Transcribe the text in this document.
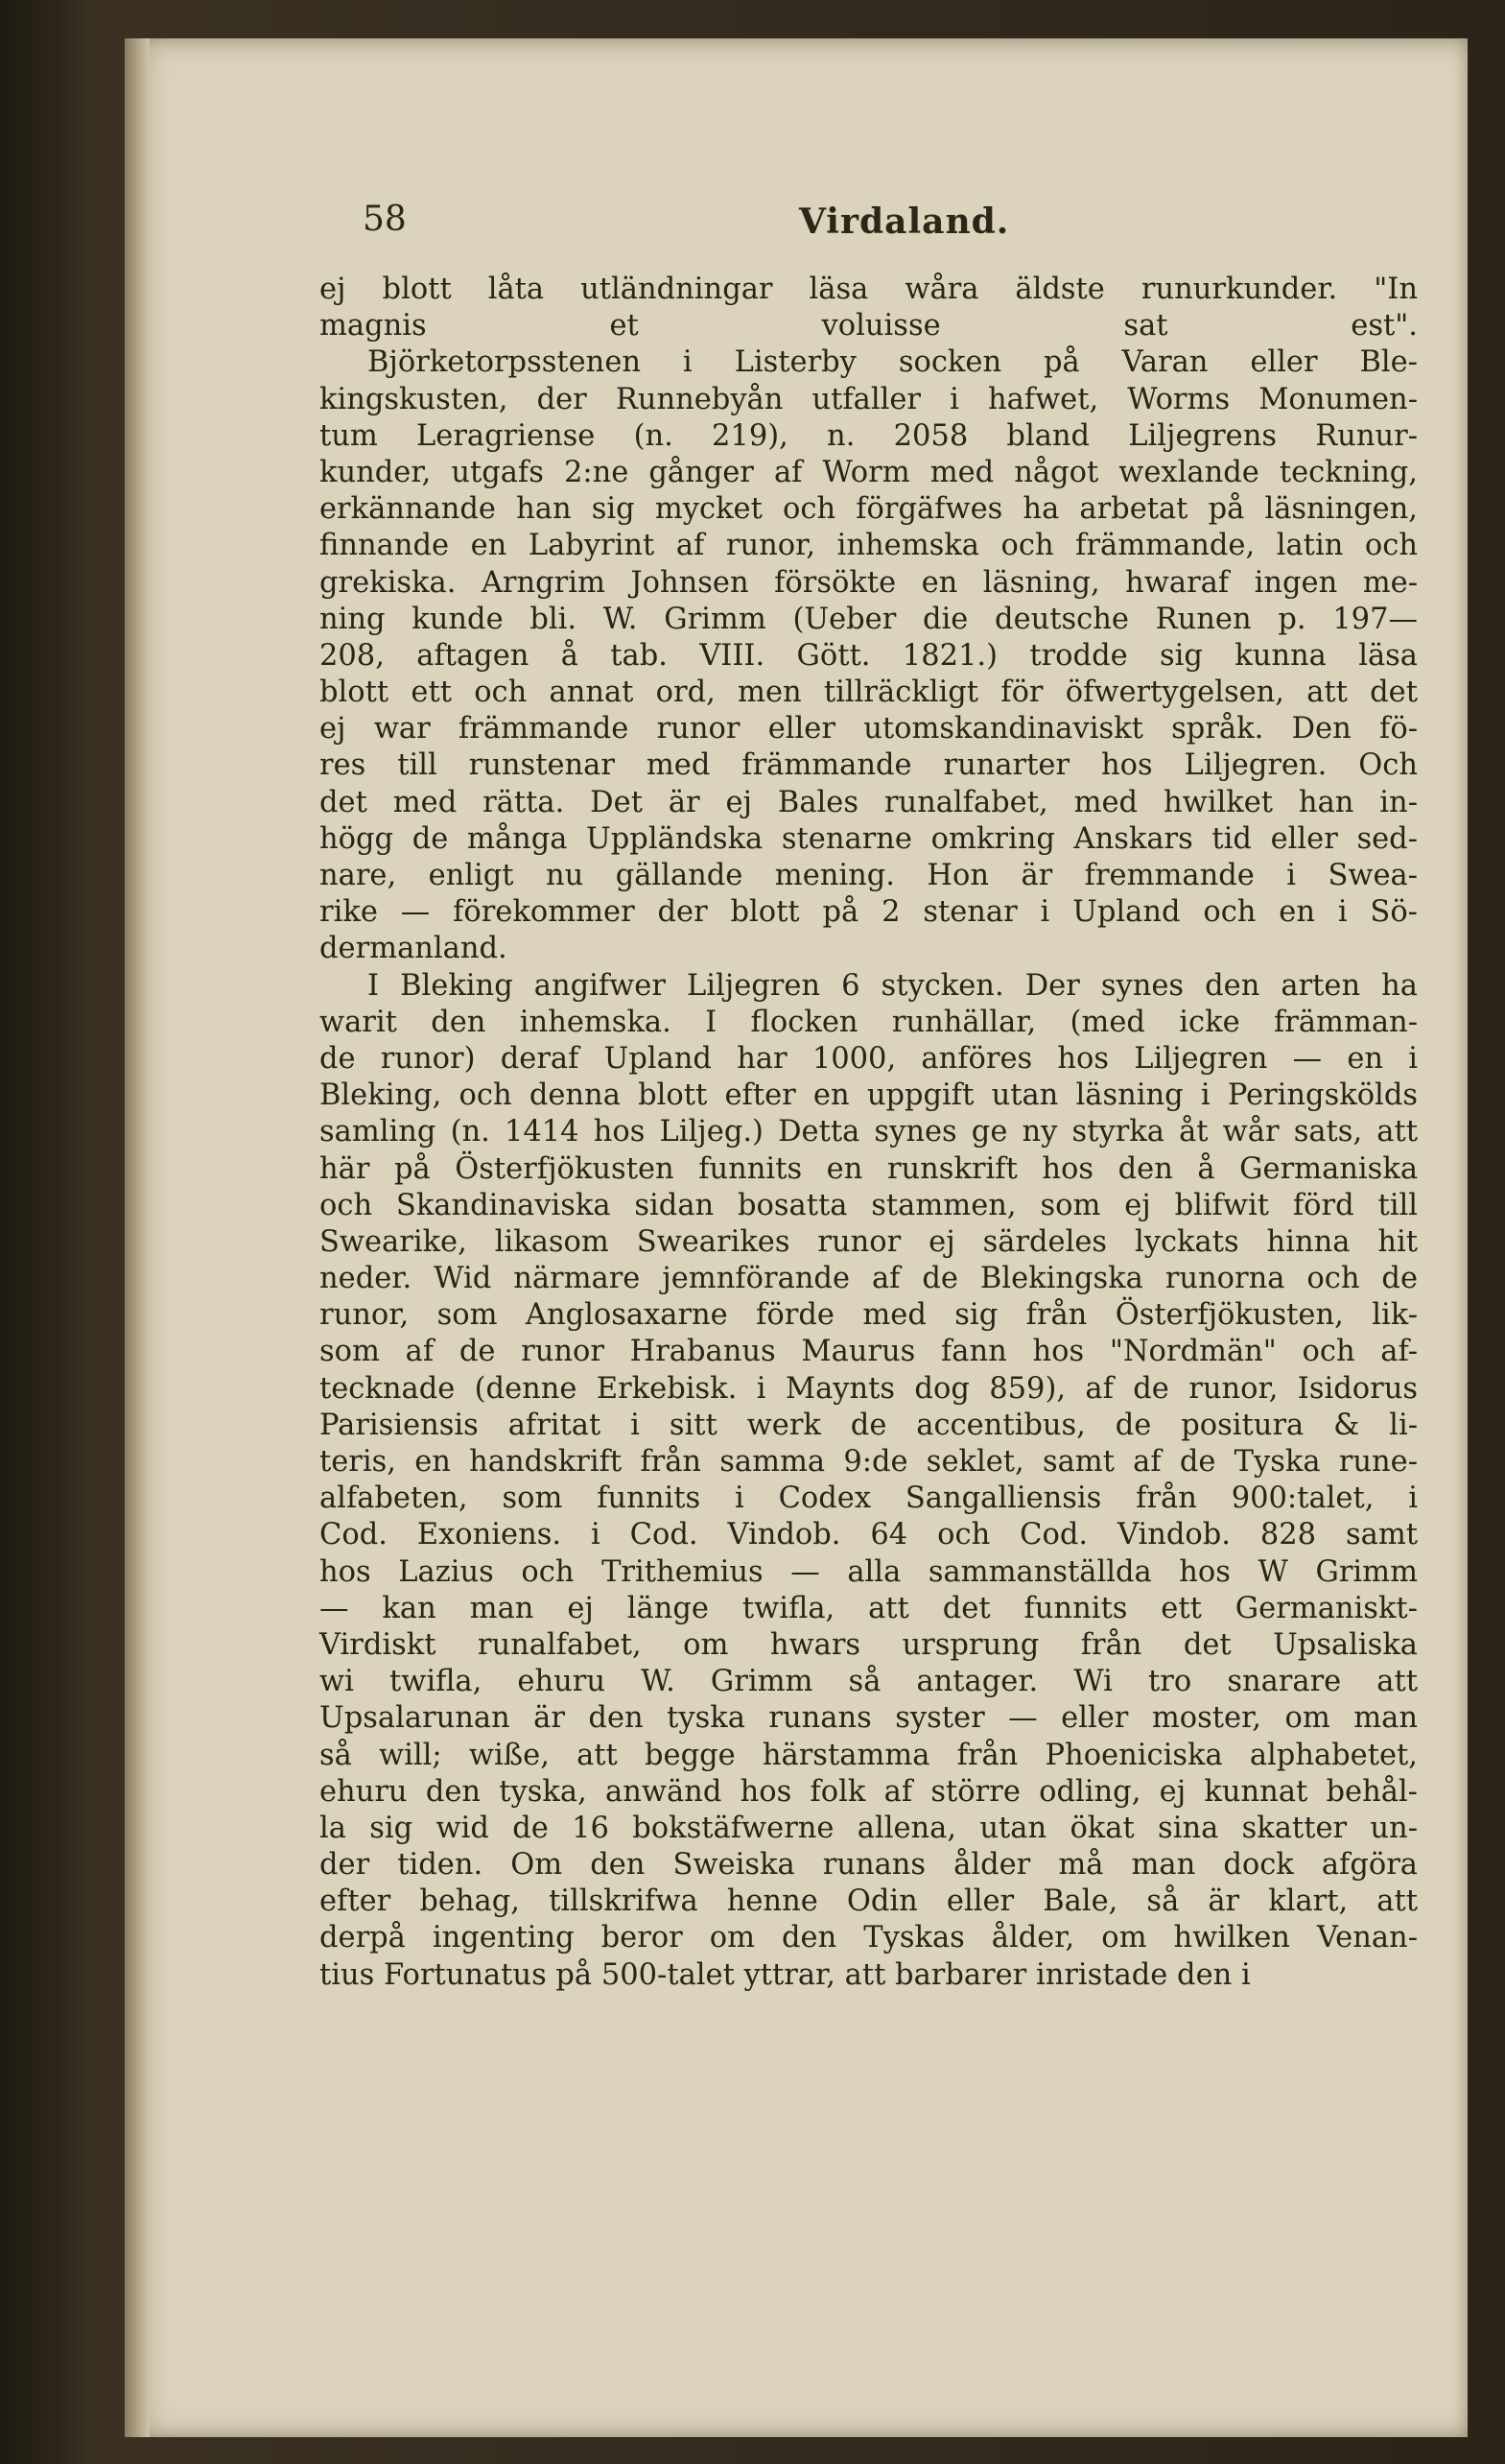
58	Virdaland.
ej blott låta utländningar läsa wåra äldste runurkunder. "In
magnis et voluisse sat est".
Björketorpsstenen i Listerby socken på Varan eller Ble-
kingskusten, der Runnebyån utfaller i hafwet, Worms Monumen-
tum Leragriense (n. 219), n. 2058 bland Liljegrens Runur-
kunder, utgafs 2:ne gånger af Worm med något wexlande teckning,
erkännande han sig mycket och förgäfwes ha arbetat på läsningen,
finnande en Labyrint af runor, inhemska och främmande, latin och
grekiska. Arngrim Johnsen försökte en läsning, hwaraf ingen me-
ning kunde bli. W. Grimm (Ueber die deutsche Runen p. 197—
208, aftagen å tab. VIII. Gött. 1821.) trodde sig kunna läsa
blott ett och annat ord, men tillräckligt för öfwertygelsen, att det
ej war främmande runor eller utomskandinaviskt språk. Den fö-
res till runstenar med främmande runarter hos Liljegren. Och
det med rätta. Det är ej Bales runalfabet, med hwilket han in-
högg de många Uppländska stenarne omkring Anskars tid eller sed-
nare, enligt nu gällande mening. Hon är fremmande i Swea-
rike — förekommer der blott på 2 stenar i Upland och en i Sö-
dermanland.
I Bleking angifwer Liljegren 6 stycken. Der synes den arten ha
warit den inhemska. I flocken runhällar, (med icke främman-
de runor) deraf Upland har 1000, anföres hos Liljegren — en i
Bleking, och denna blott efter en uppgift utan läsning i Peringskölds
samling (n. 1414 hos Liljeg.) Detta synes ge ny styrka åt wår sats, att
här på Österfjökusten funnits en runskrift hos den å Germaniska
och Skandinaviska sidan bosatta stammen, som ej blifwit förd till
Swearike, likasom Swearikes runor ej särdeles lyckats hinna hit
neder. Wid närmare jemnförande af de Blekingska runorna och de
runor, som Anglosaxarne förde med sig från Österfjökusten, lik-
som af de runor Hrabanus Maurus fann hos "Nordmän" och af-
tecknade (denne Erkebisk. i Maynts dog 859), af de runor, Isidorus
Parisiensis afritat i sitt werk de accentibus, de positura & li-
teris, en handskrift från samma 9:de seklet, samt af de Tyska rune-
alfabeten, som funnits i Codex Sangalliensis från 900:talet, i
Cod. Exoniens. i Cod. Vindob. 64 och Cod. Vindob. 828 samt
hos Lazius och Trithemius — alla sammanställda hos W Grimm
— kan man ej länge twifla, att det funnits ett Germaniskt-
Virdiskt runalfabet, om hwars ursprung från det Upsaliska
wi twifla, ehuru W. Grimm så antager. Wi tro snarare att
Upsalarunan är den tyska runans syster — eller moster, om man
så will; wiße, att begge härstamma från Phoeniciska alphabetet,
ehuru den tyska, anwänd hos folk af större odling, ej kunnat behål-
la sig wid de 16 bokstäfwerne allena, utan ökat sina skatter un-
der tiden. Om den Sweiska runans ålder må man dock afgöra
efter behag, tillskrifwa henne Odin eller Bale, så är klart, att
derpå ingenting beror om den Tyskas ålder, om hwilken Venan-
tius Fortunatus på 500-talet yttrar, att barbarer inristade den i
